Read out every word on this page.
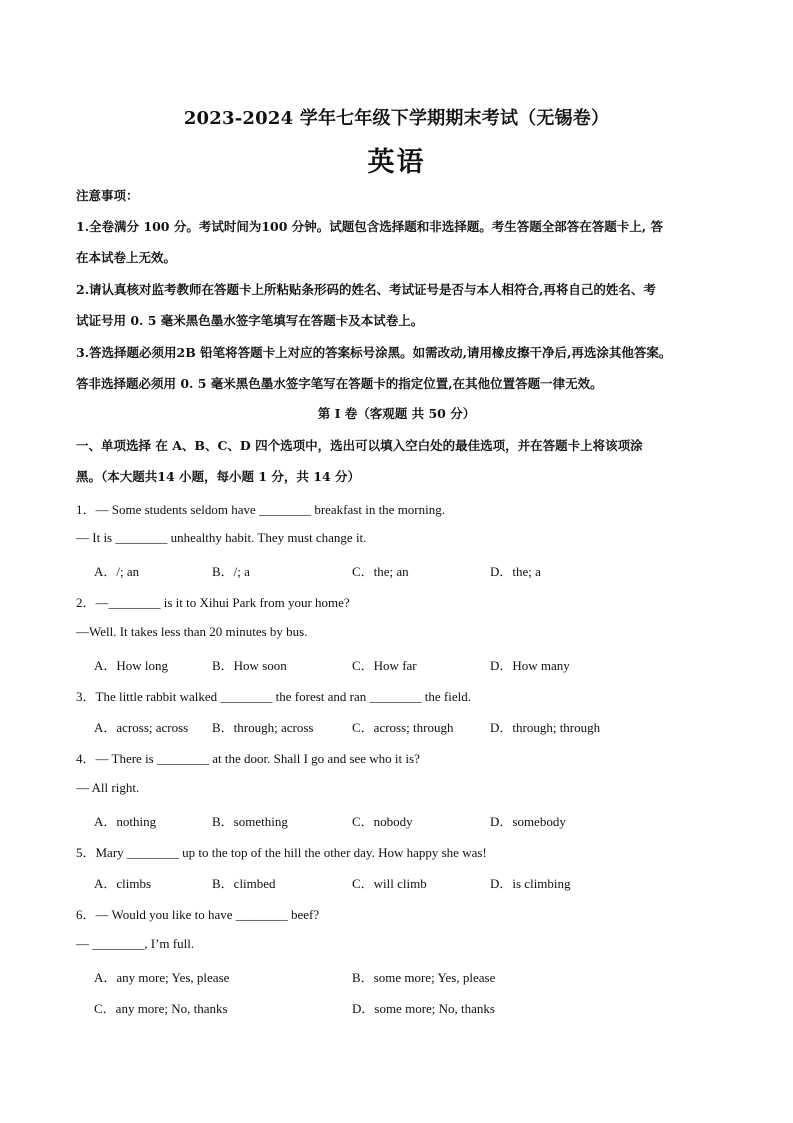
2023-2024 学年七年级下学期期末考试（无锡卷）
英语
注意事项：
1.全卷满分 100 分。考试时间为100 分钟。试题包含选择题和非选择题。考生答题全部答在答题卡上, 答
在本试卷上无效。
2.请认真核对监考教师在答题卡上所粘贴条形码的姓名、考试证号是否与本人相符合,再将自己的姓名、考
试证号用 0. 5 毫米黑色墨水签字笔填写在答题卡及本试卷上。
3.答选择题必须用2B 铅笔将答题卡上对应的答案标号涂黑。如需改动,请用橡皮擦干净后,再选涂其他答案。
答非选择题必须用 0. 5 毫米黑色墨水签字笔写在答题卡的指定位置,在其他位置答题一律无效。
第 I 卷（客观题 共 50 分）
一、单项选择 在 A、B、C、D 四个选项中，选出可以填入空白处的最佳选项，并在答题卡上将该项涂
黑。（本大题共14 小题，每小题 1 分，共 14 分）
1．— Some students seldom have ________ breakfast in the morning.
— It is ________ unhealthy habit. They must change it.
A．/; an	B．/; a	C．the; an	D．the; a
2．—________ is it to Xihui Park from your home?
—Well. It takes less than 20 minutes by bus.
A．How long	B．How soon	C．How far	D．How many
3．The little rabbit walked ________ the forest and ran ________ the field.
A．across; across B．through; across	C．across; through	D．through; through
4．— There is ________ at the door. Shall I go and see who it is?
— All right.
A．nothing	B．something	C．nobody	D．somebody
5．Mary ________ up to the top of the hill the other day. How happy she was!
A．climbs	B．climbed	C．will climb	D．is climbing
6．— Would you like to have ________ beef?
— ________, I’m full.
A．any more; Yes, please	B．some more; Yes, please
C．any more; No, thanks	D．some more; No, thanks
